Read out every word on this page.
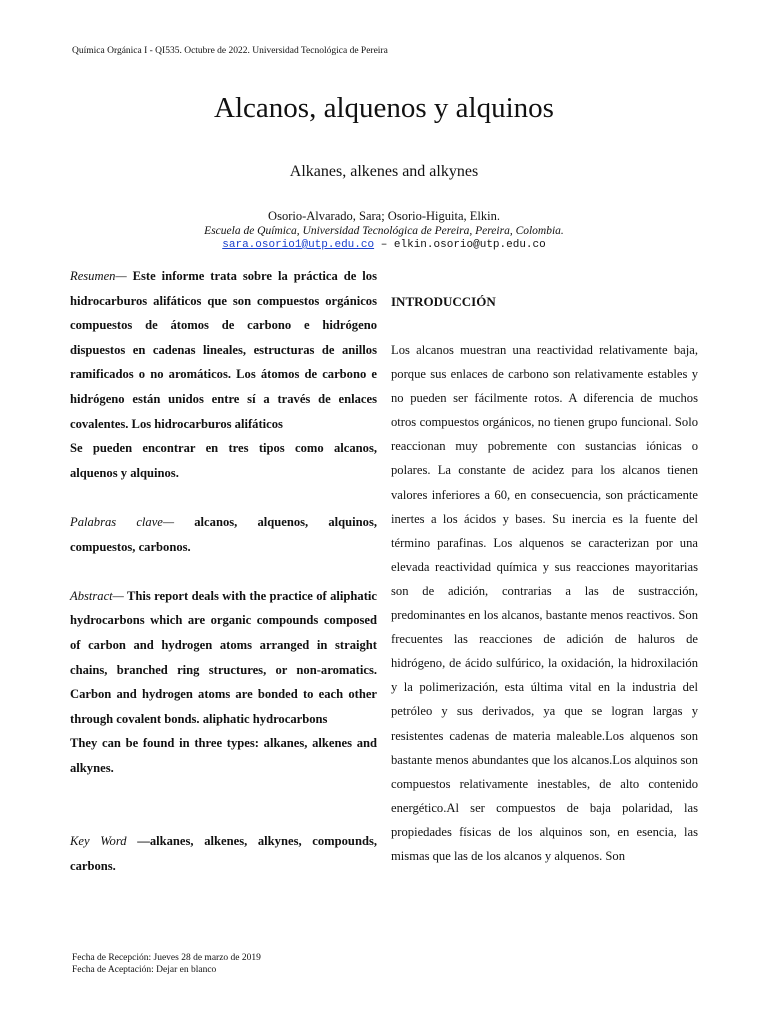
Química Orgánica I - QI535. Octubre de 2022. Universidad Tecnológica de Pereira
Alcanos, alquenos y alquinos
Alkanes, alkenes and alkynes
Osorio-Alvarado, Sara; Osorio-Higuita, Elkin.
Escuela de Química, Universidad Tecnológica de Pereira, Pereira, Colombia.
sara.osorio1@utp.edu.co – elkin.osorio@utp.edu.co

Resumen— Este informe trata sobre la práctica de los hidrocarburos alifáticos que son compuestos orgánicos compuestos de átomos de carbono e hidrógeno dispuestos en cadenas lineales, estructuras de anillos ramificados o no aromáticos. Los átomos de carbono e hidrógeno están unidos entre sí a través de enlaces covalentes. Los hidrocarburos alifáticos

Se pueden encontrar en tres tipos como alcanos, alquenos y alquinos.

Palabras clave— alcanos, alquenos, alquinos, compuestos, carbonos.

Abstract— This report deals with the practice of aliphatic hydrocarbons which are organic compounds composed of carbon and hydrogen atoms arranged in straight chains, branched ring structures, or non-aromatics. Carbon and hydrogen atoms are bonded to each other through covalent bonds. aliphatic hydrocarbons

They can be found in three types: alkanes, alkenes and alkynes.

Key Word —alkanes, alkenes, alkynes, compounds, carbons.

INTRODUCCIÓN

Los alcanos muestran una reactividad relativamente baja, porque sus enlaces de carbono son relativamente estables y no pueden ser fácilmente rotos. A diferencia de muchos otros compuestos orgánicos, no tienen grupo funcional. Solo reaccionan muy pobremente con sustancias iónicas o polares. La constante de acidez para los alcanos tienen valores inferiores a 60, en consecuencia, son prácticamente inertes a los ácidos y bases. Su inercia es la fuente del término parafinas. Los alquenos se caracterizan por una elevada reactividad química y sus reacciones mayoritarias son de adición, contrarias a las de sustracción, predominantes en los alcanos, bastante menos reactivos. Son frecuentes las reacciones de adición de haluros de hidrógeno, de ácido sulfúrico, la oxidación, la hidroxilación y la polimerización, esta última vital en la industria del petróleo y sus derivados, ya que se logran largas y resistentes cadenas de materia maleable.Los alquenos son bastante menos abundantes que los alcanos.Los alquinos son compuestos relativamente inestables, de alto contenido energético.Al ser compuestos de baja polaridad, las propiedades físicas de los alquinos son, en esencia, las mismas que las de los alcanos y alquenos. Son

Fecha de Recepción: Jueves 28 de marzo de 2019
Fecha de Aceptación: Dejar en blanco
